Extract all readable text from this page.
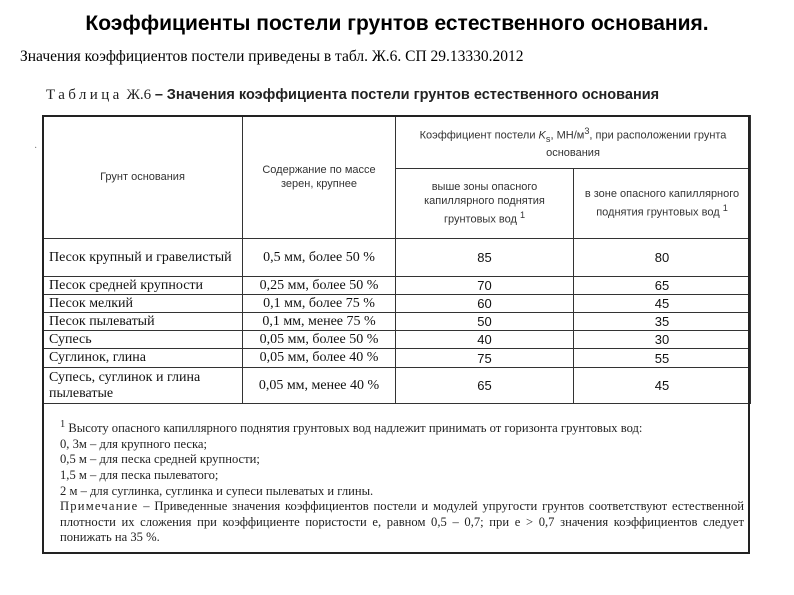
Коэффициенты постели грунтов естественного основания.
Значения коэффициентов постели приведены в табл. Ж.6. СП 29.13330.2012
Таблица Ж.6 – Значения коэффициента постели грунтов естественного основания
·
Грунт основания	Содержание по массе зерен, крупнее	Коэффициент постели $K_s$, $МН/м^3$, при расположении грунта основания	
		выше зоны опасного капиллярного поднятия грунтовых вод $^1$	в зоне опасного капиллярного поднятия грунтовых вод $^1$
Песок крупный и гравелистый	0,5 мм, более 50 %	85	80
Песок средней крупности	0,25 мм, более 50 %	70	65
Песок мелкий	0,1 мм, более 75 %	60	45
Песок пылеватый	0,1 мм, менее 75 %	50	35
Супесь	0,05 мм, более 50 %	40	30
Суглинок, глина	0,05 мм, более 40 %	75	55
Супесь, суглинок и глина пылеватые	0,05 мм, менее 40 %	65	45
$^1$ Высоту опасного капиллярного поднятия грунтовых вод надлежит принимать от горизонта грунтовых вод:
0, 3м – для крупного песка;
0,5 м – для песка средней крупности;
1,5 м – для песка пылеватого;
2 м – для суглинка, суглинка и супеси пылеватых и глины.
Примечание – Приведенные значения коэффициентов постели и модулей упругости грунтов соответствуют естественной плотности их сложения при коэффициенте пористости е, равном 0,5 – 0,7; при е > 0,7 значения коэффициентов следует понижать на 35 %.
